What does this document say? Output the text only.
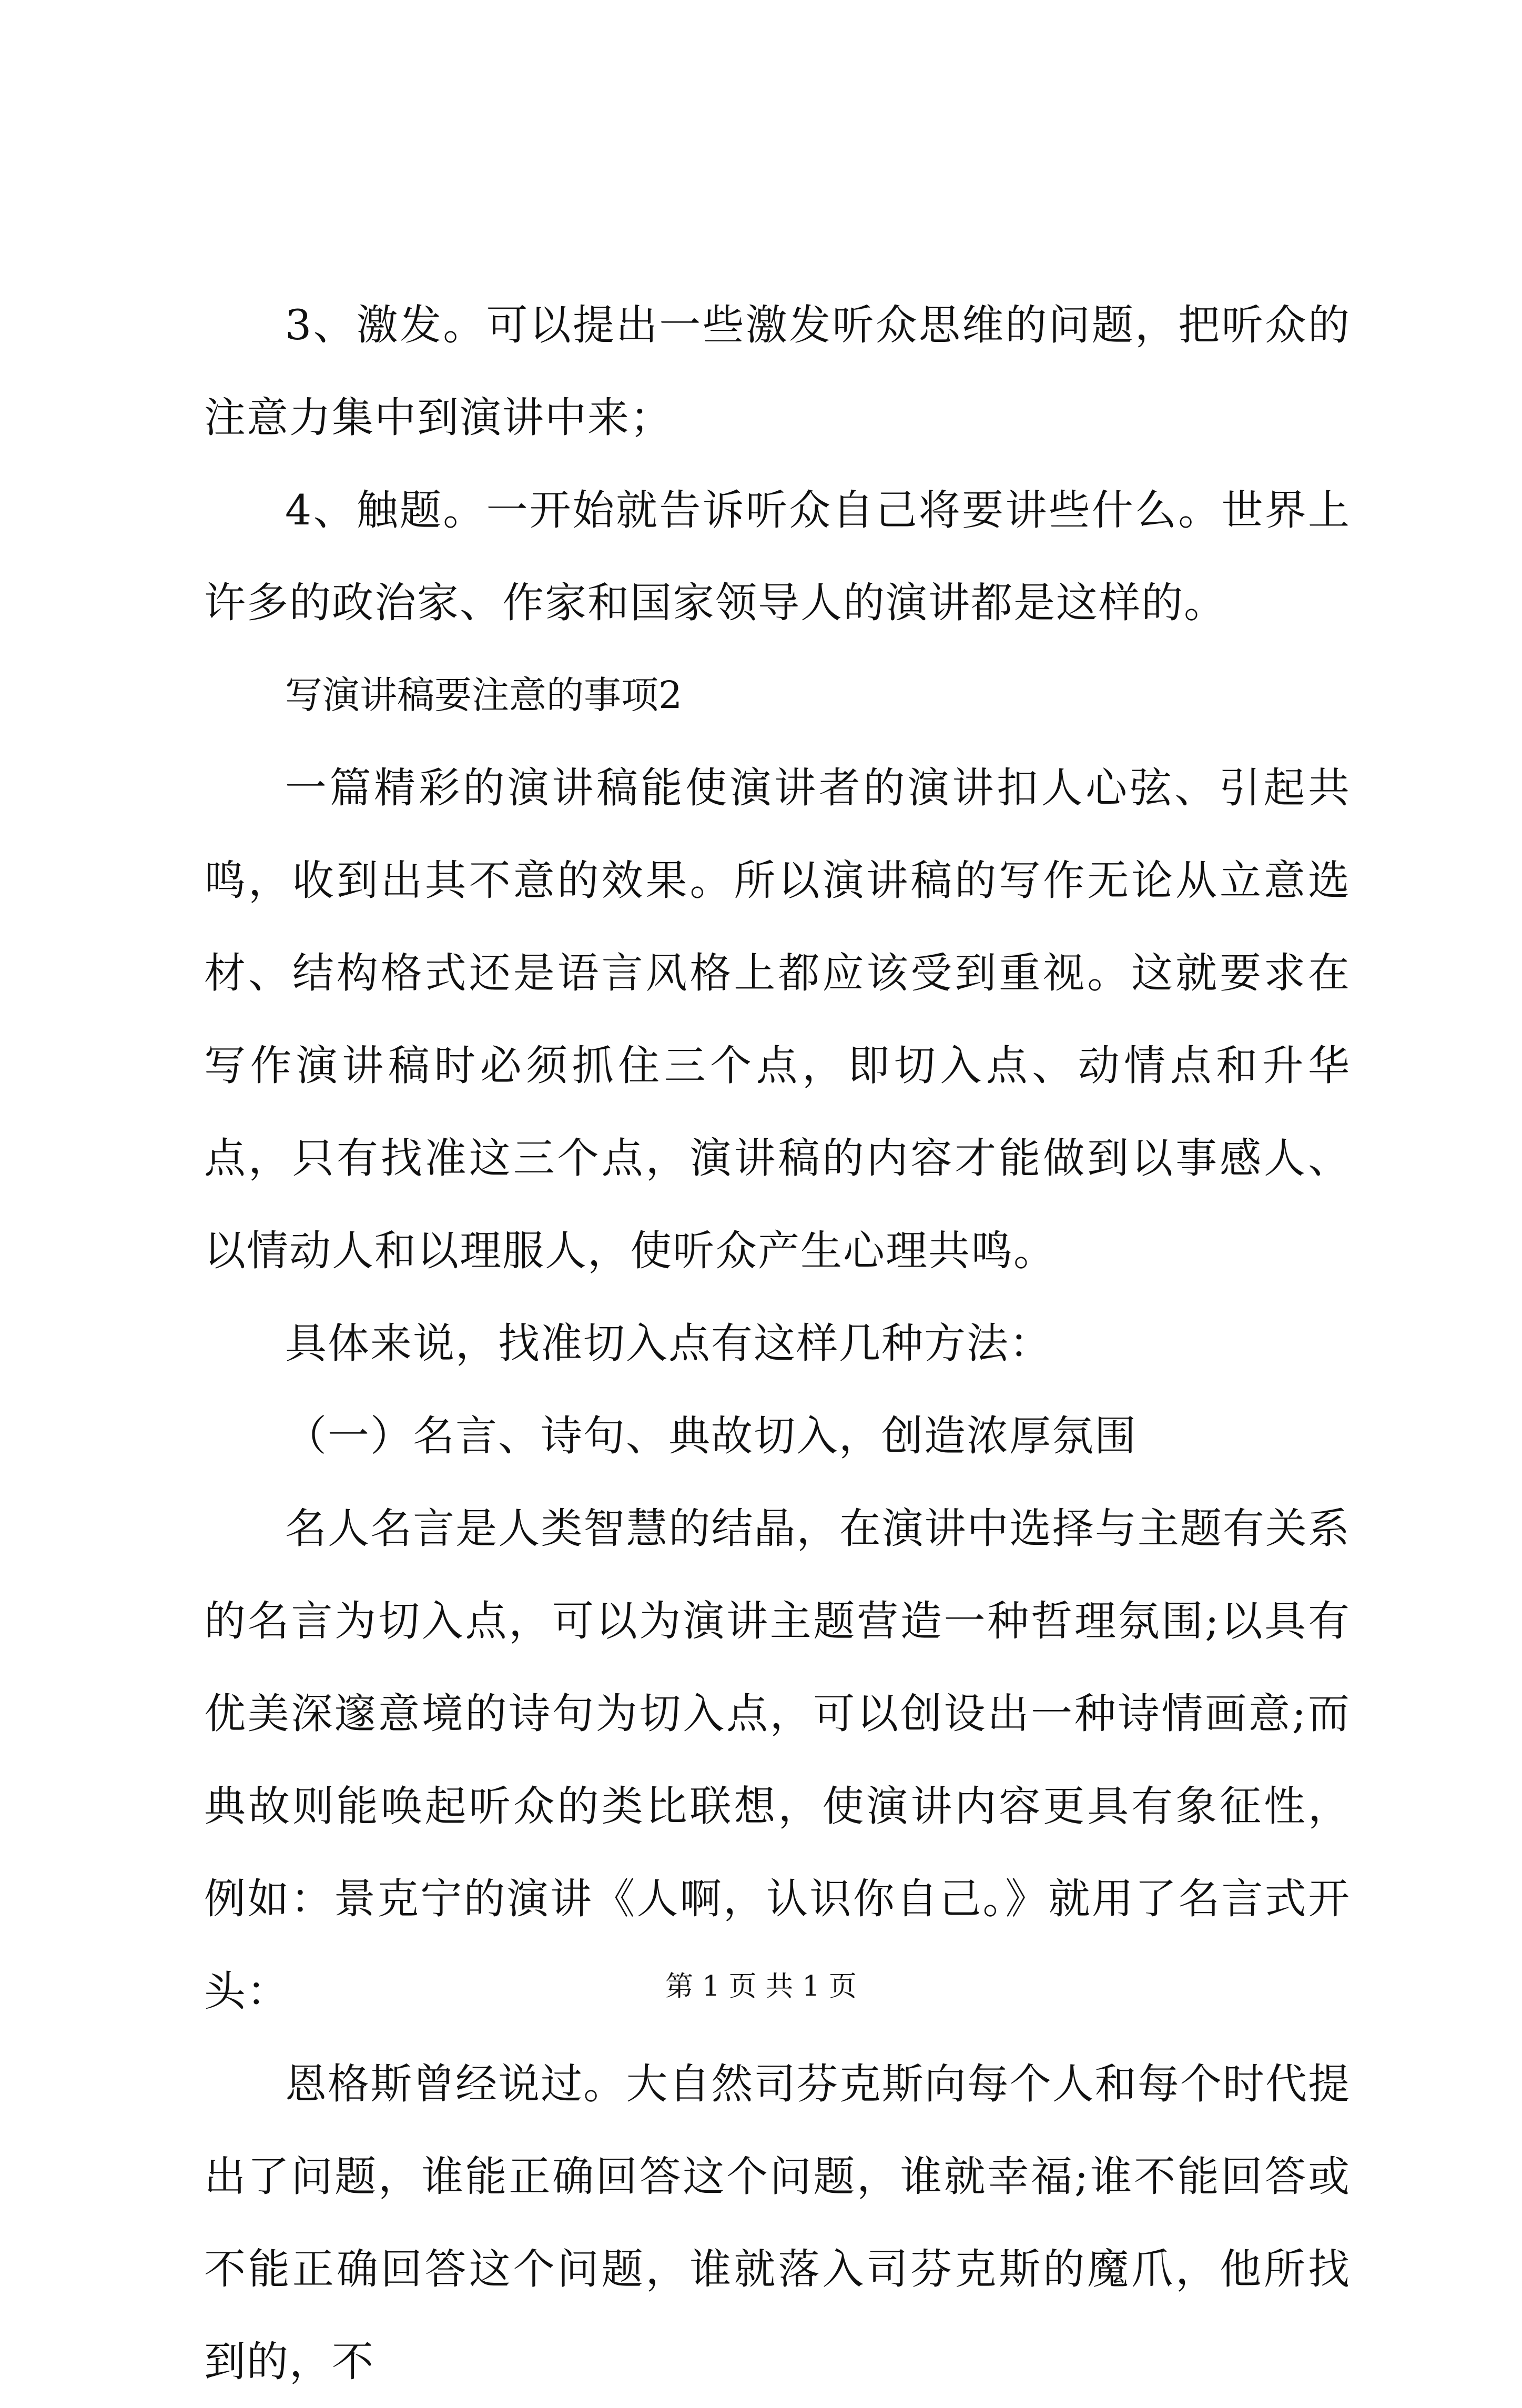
3、激发。可以提出一些激发听众思维的问题，把听众的注意力集中到演讲中来；

4、触题。一开始就告诉听众自己将要讲些什么。世界上许多的政治家、作家和国家领导人的演讲都是这样的。

写演讲稿要注意的事项2

一篇精彩的演讲稿能使演讲者的演讲扣人心弦、引起共鸣，收到出其不意的效果。所以演讲稿的写作无论从立意选材、结构格式还是语言风格上都应该受到重视。这就要求在写作演讲稿时必须抓住三个点，即切入点、动情点和升华点，只有找准这三个点，演讲稿的内容才能做到以事感人、以情动人和以理服人，使听众产生心理共鸣。

具体来说，找准切入点有这样几种方法：

（一）名言、诗句、典故切入，创造浓厚氛围

名人名言是人类智慧的结晶，在演讲中选择与主题有关系的名言为切入点，可以为演讲主题营造一种哲理氛围;以具有优美深邃意境的诗句为切入点，可以创设出一种诗情画意;而典故则能唤起听众的类比联想，使演讲内容更具有象征性，例如：景克宁的演讲《人啊，认识你自己。》就用了名言式开头：

恩格斯曾经说过。大自然司芬克斯向每个人和每个时代提出了问题，谁能正确回答这个问题，谁就幸福;谁不能回答或不能正确回答这个问题，谁就落入司芬克斯的魔爪，他所找到的，不

第 1 页 共 1 页
